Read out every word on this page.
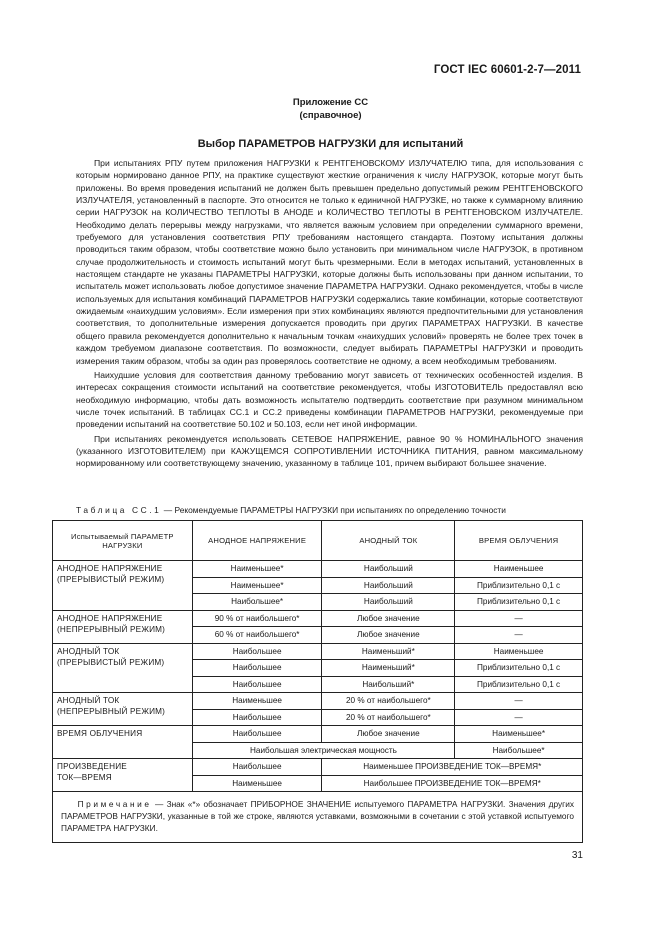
ГОСТ IEC 60601-2-7—2011
Приложение СС
(справочное)
Выбор ПАРАМЕТРОВ НАГРУЗКИ для испытаний

При испытаниях РПУ путем приложения НАГРУЗКИ к РЕНТГЕНОВСКОМУ ИЗЛУЧАТЕЛЮ типа, для использования с которым нормировано данное РПУ, на практике существуют жесткие ограничения к числу НАГРУЗОК, которые могут быть приложены. Во время проведения испытаний не должен быть превышен предельно допустимый режим РЕНТГЕНОВСКОГО ИЗЛУЧАТЕЛЯ, установленный в паспорте. Это относится не только к единичной НАГРУЗКЕ, но также к суммарному влиянию серии НАГРУЗОК на КОЛИЧЕСТВО ТЕПЛОТЫ В АНОДЕ и КОЛИЧЕСТВО ТЕПЛОТЫ В РЕНТГЕНОВСКОМ ИЗЛУЧАТЕЛЕ. Необходимо делать перерывы между нагрузками, что является важным условием при определении суммарного времени, требуемого для установления соответствия РПУ требованиям настоящего стандарта. Поэтому испытания должны проводиться таким образом, чтобы соответствие можно было установить при минимальном числе НАГРУЗОК, в противном случае продолжительность и стоимость испытаний могут быть чрезмерными. Если в методах испытаний, установленных в настоящем стандарте не указаны ПАРАМЕТРЫ НАГРУЗКИ, которые должны быть использованы при данном испытании, то испытатель может использовать любое допустимое значение ПАРАМЕТРА НАГРУЗКИ. Однако рекомендуется, чтобы в числе используемых для испытания комбинаций ПАРАМЕТРОВ НАГРУЗКИ содержались такие комбинации, которые соответствуют ожидаемым «наихудшим условиям». Если измерения при этих комбинациях являются предпочтительными для установления соответствия, то дополнительные измерения допускается проводить при других ПАРАМЕТРАХ НАГРУЗКИ. В качестве общего правила рекомендуется дополнительно к начальным точкам «наихудших условий» проверять не более трех точек в каждом требуемом диапазоне соответствия. По возможности, следует выбирать ПАРАМЕТРЫ НАГРУЗКИ и проводить измерения таким образом, чтобы за один раз проверялось соответствие не одному, а всем необходимым требованиям.

Наихудшие условия для соответствия данному требованию могут зависеть от технических особенностей изделия. В интересах сокращения стоимости испытаний на соответствие рекомендуется, чтобы ИЗГОТОВИТЕЛЬ предоставлял всю необходимую информацию, чтобы дать возможность испытателю подтвердить соответствие при разумном минимальном числе точек испытаний. В таблицах СС.1 и СС.2 приведены комбинации ПАРАМЕТРОВ НАГРУЗКИ, рекомендуемые при проведении испытаний на соответствие 50.102 и 50.103, если нет иной информации.

При испытаниях рекомендуется использовать СЕТЕВОЕ НАПРЯЖЕНИЕ, равное 90 % НОМИНАЛЬНОГО значения (указанного ИЗГОТОВИТЕЛЕМ) при КАЖУЩЕМСЯ СОПРОТИВЛЕНИИ ИСТОЧНИКА ПИТАНИЯ, равном максимальному нормированному или соответствующему значению, указанному в таблице 101, причем выбирают большее значение.

Таблица СС.1 — Рекомендуемые ПАРАМЕТРЫ НАГРУЗКИ при испытаниях по определению точности
Испытываемый ПАРАМЕТР НАГРУЗКИ	АНОДНОЕ НАПРЯЖЕНИЕ	АНОДНЫЙ ТОК	ВРЕМЯ ОБЛУЧЕНИЯ

АНОДНОЕ НАПРЯЖЕНИЕ
(ПРЕРЫВИСТЫЙ РЕЖИМ)	Наименьшее*	Наибольший	Наименьшее
	Наименьшее*	Наибольший	Приблизительно 0,1 с
	Наибольшее*	Наибольший	Приблизительно 0,1 с

АНОДНОЕ НАПРЯЖЕНИЕ
(НЕПРЕРЫВНЫЙ РЕЖИМ)	90 % от наибольшего*	Любое значение	—
	60 % от наибольшего*	Любое значение	—

АНОДНЫЙ ТОК
(ПРЕРЫВИСТЫЙ РЕЖИМ)	Наибольшее	Наименьший*	Наименьшее
	Наибольшее	Наименьший*	Приблизительно 0,1 с
	Наибольшее	Наибольший*	Приблизительно 0,1 с

АНОДНЫЙ ТОК
(НЕПРЕРЫВНЫЙ РЕЖИМ)	Наименьшее	20 % от наибольшего*	—
	Наибольшее	20 % от наибольшего*	—
ВРЕМЯ ОБЛУЧЕНИЯ	Наибольшее	Любое значение	Наименьшее*
	Наибольшая электрическая мощность		Наибольшее*

ПРОИЗВЕДЕНИЕ
ТОК—ВРЕМЯ	Наибольшее	Наименьшее ПРОИЗВЕДЕНИЕ ТОК—ВРЕМЯ*	
	Наименьшее	Наибольшее ПРОИЗВЕДЕНИЕ ТОК—ВРЕМЯ*	
  Примечание — Знак «*» обозначает ПРИБОРНОЕ ЗНАЧЕНИЕ испытуемого ПАРАМЕТРА НАГРУЗКИ. Значения других ПАРАМЕТРОВ НАГРУЗКИ, указанные в той же строке, являются уставками, возможными в сочетании с этой уставкой испытуемого ПАРАМЕТРА НАГРУЗКИ.			
31
